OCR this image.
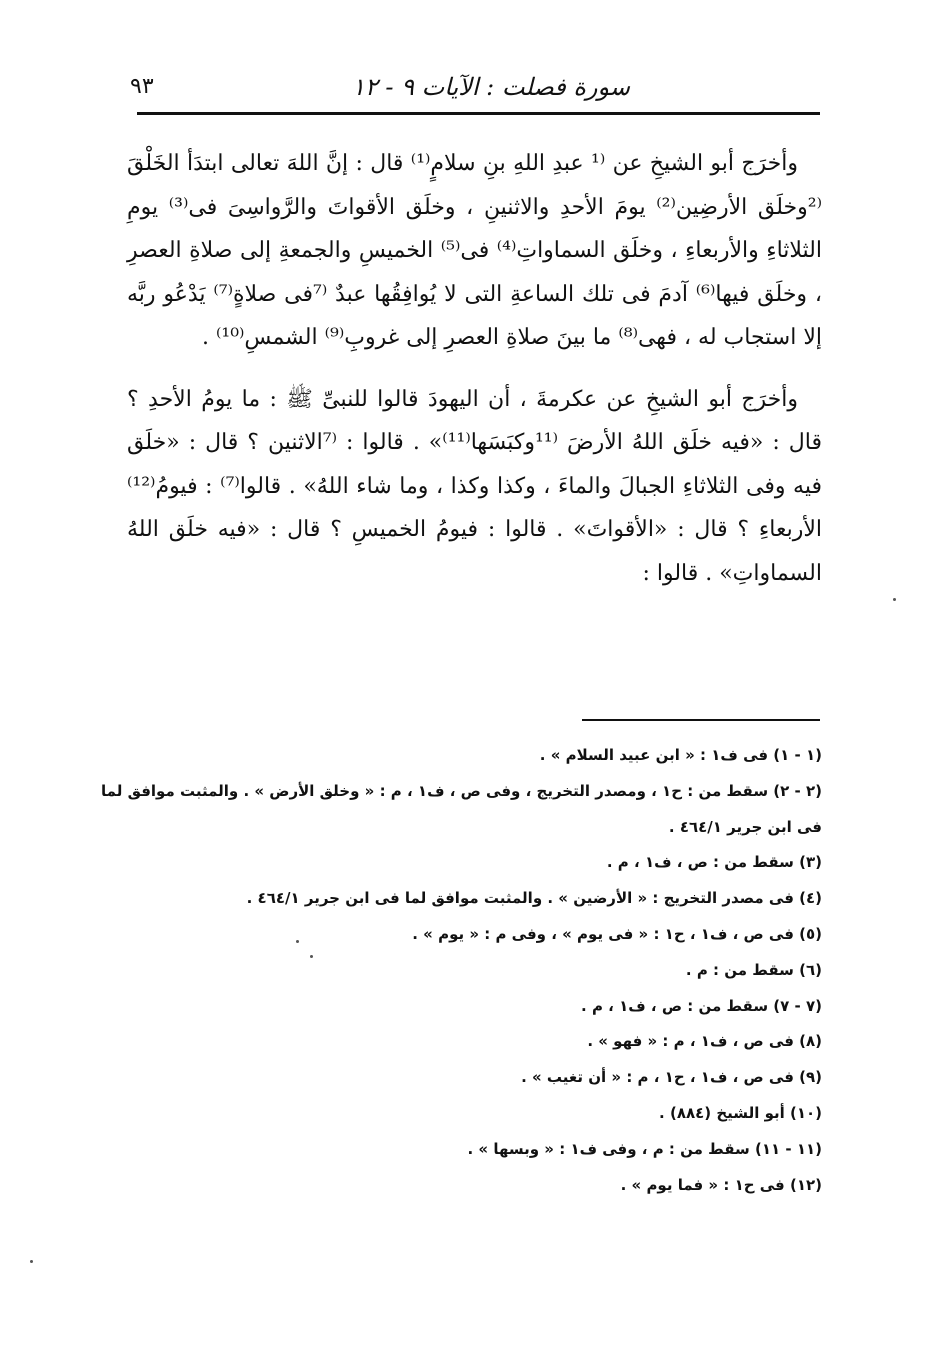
سورة فصلت : الآيات ٩ - ١٢
٩٣

وأخرَج أبو الشيخِ عن ⁽¹ عبدِ اللهِ بنِ سلامٍ⁽¹⁾ قال : إنَّ اللهَ تعالى ابتدَأ الخَلْقَ ⁽²وخلَق الأرضِين⁽²⁾ يومَ الأحدِ والاثنينِ ، وخلَق الأقواتَ والرَّواسِىَ فى⁽³⁾ يومِ الثلاثاءِ والأربعاءِ ، وخلَق السماواتِ⁽⁴⁾ فى⁽⁵⁾ الخميسِ والجمعةِ إلى صلاةِ العصرِ ، وخلَق فيها⁽⁶⁾ آدمَ فى تلك الساعةِ التى لا يُوافِقُها عبدٌ ⁽⁷فى صلاةٍ⁽⁷⁾ يَدْعُو ربَّه إلا استجاب له ، فهى⁽⁸⁾ ما بينَ صلاةِ العصرِ إلى غروبِ⁽⁹⁾ الشمسِ⁽¹⁰⁾ .

وأخرَج أبو الشيخِ عن عكرمةَ ، أن اليهودَ قالوا للنبىِّ ﷺ : ما يومُ الأحدِ ؟ قال : «فيه خلَق اللهُ الأرضَ ⁽¹¹وكبَسَها⁽¹¹⁾» . قالوا : ⁽⁷الاثنين ؟ قال : «خلَق فيه وفى الثلاثاءِ الجبالَ والماءَ ، وكذا وكذا ، وما شاء اللهُ» . قالوا⁽⁷⁾ : فيومُ⁽¹²⁾ الأربعاءِ ؟ قال : «الأقواتَ» . قالوا : فيومُ الخميسِ ؟ قال : «فيه خلَق اللهُ السماواتِ» . قالوا :

(١ - ١) فى ف١ : « ابن عبيد السلام » .

(٢ - ٢) سقط من : ح١ ، ومصدر التخريج ، وفى ص ، ف١ ، م : « وخلق الأرض » . والمثبت موافق لما

فى ابن جرير ٤٦٤/١ .

(٣) سقط من : ص ، ف١ ، م .

(٤) فى مصدر التخريج : « الأرضين » . والمثبت موافق لما فى ابن جرير ٤٦٤/١ .

(٥) فى ص ، ف١ ، ح١ : « فى يوم » ، وفى م : « يوم » .

(٦) سقط من : م .

(٧ - ٧) سقط من : ص ، ف١ ، م .

(٨) فى ص ، ف١ ، م : « فهو » .

(٩) فى ص ، ف١ ، ح١ ، م : « أن تغيب » .

(١٠) أبو الشيخ (٨٨٤) .

(١١ - ١١) سقط من : م ، وفى ف١ : « وبسها » .

(١٢) فى ح١ : « فما يوم » .
